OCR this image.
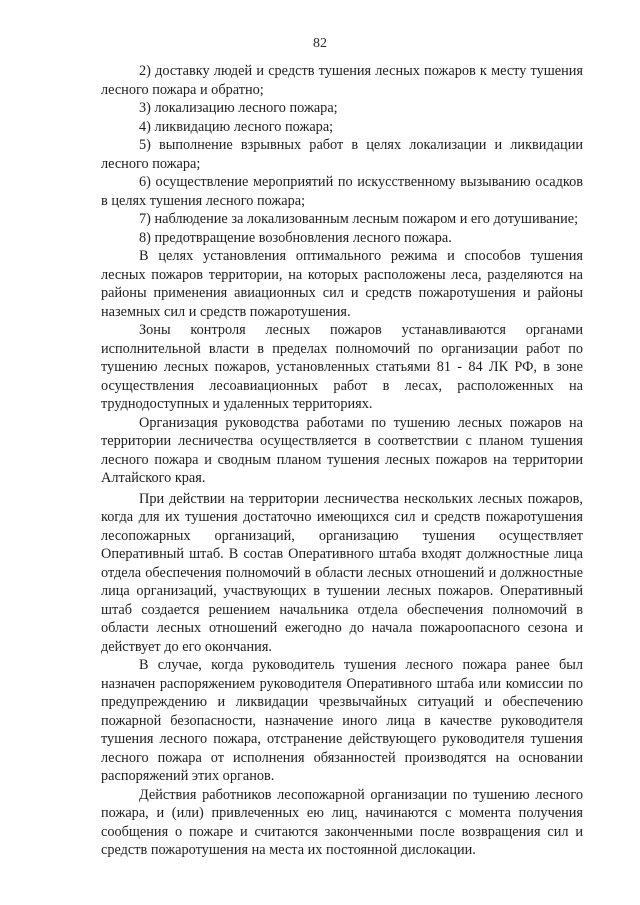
82

2) доставку людей и средств тушения лесных пожаров к месту тушения лесного пожара и обратно;

3) локализацию лесного пожара;

4) ликвидацию лесного пожара;

5) выполнение взрывных работ в целях локализации и ликвидации лесного пожара;

6) осуществление мероприятий по искусственному вызыванию осадков в целях тушения лесного пожара;

7) наблюдение за локализованным лесным пожаром и его дотушивание;

8) предотвращение возобновления лесного пожара.

В целях установления оптимального режима и способов тушения лесных пожаров территории, на которых расположены леса, разделяются на районы применения авиационных сил и средств пожаротушения и районы наземных сил и средств пожаротушения.

Зоны контроля лесных пожаров устанавливаются органами исполнительной власти в пределах полномочий по организации работ по тушению лесных пожаров, установленных статьями 81 - 84 ЛК РФ, в зоне осуществления лесоавиационных работ в лесах, расположенных на труднодоступных и удаленных территориях.

Организация руководства работами по тушению лесных пожаров на территории лесничества осуществляется в соответствии с планом тушения лесного пожара и сводным планом тушения лесных пожаров на территории Алтайского края.

При действии на территории лесничества нескольких лесных пожаров, когда для их тушения достаточно имеющихся сил и средств пожаротушения лесопожарных организаций, организацию тушения осуществляет Оперативный штаб. В состав Оперативного штаба входят должностные лица отдела обеспечения полномочий в области лесных отношений и должностные лица организаций, участвующих в тушении лесных пожаров. Оперативный штаб создается решением начальника отдела обеспечения полномочий в области лесных отношений ежегодно до начала пожароопасного сезона и действует до его окончания.

В случае, когда руководитель тушения лесного пожара ранее был назначен распоряжением руководителя Оперативного штаба или комиссии по предупреждению и ликвидации чрезвычайных ситуаций и обеспечению пожарной безопасности, назначение иного лица в качестве руководителя тушения лесного пожара, отстранение действующего руководителя тушения лесного пожара от исполнения обязанностей производятся на основании распоряжений этих органов.

Действия работников лесопожарной организации по тушению лесного пожара, и (или) привлеченных ею лиц, начинаются с момента получения сообщения о пожаре и считаются законченными после возвращения сил и средств пожаротушения на места их постоянной дислокации.
